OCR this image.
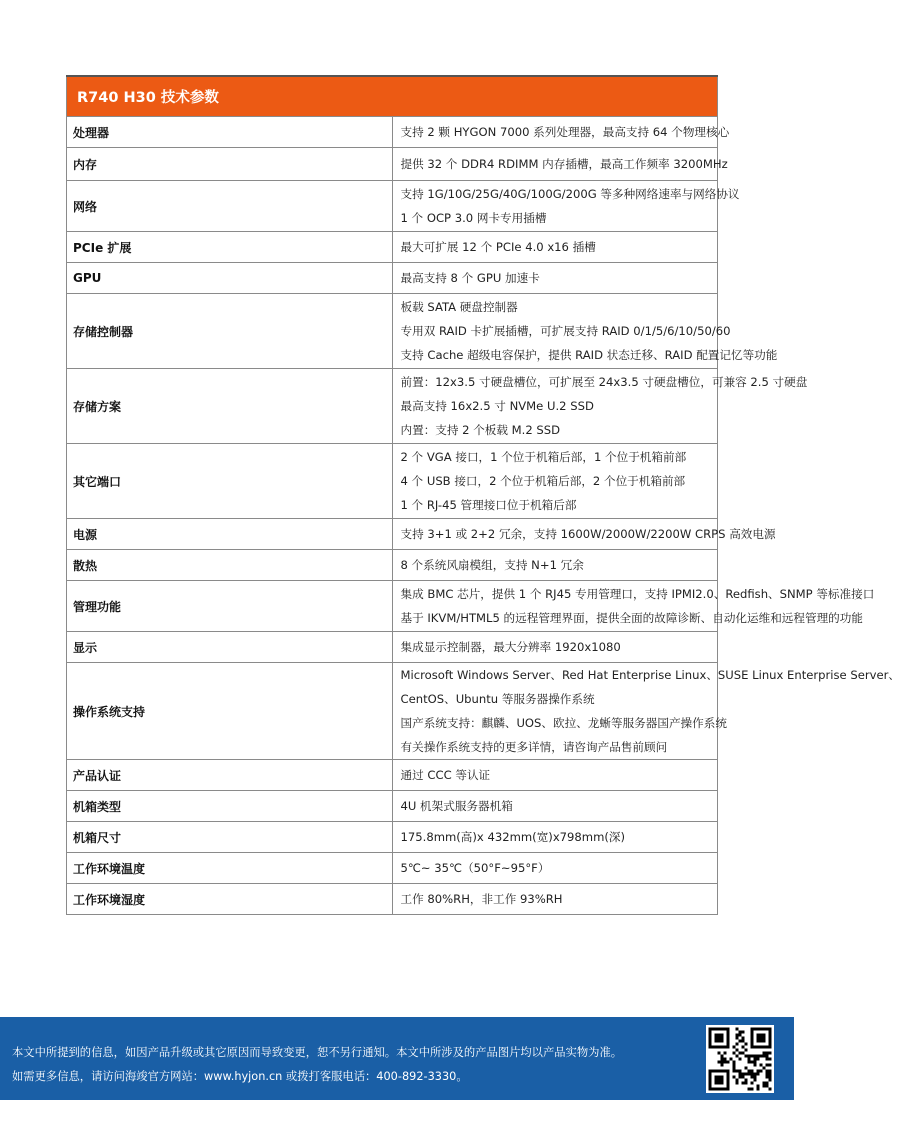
R740 H30 技术参数	
处理器	支持 2 颗 HYGON 7000 系列处理器，最高支持 64 个物理核心

内存	提供 32 个 DDR4 RDIMM 内存插槽，最高工作频率 3200MHz

网络	支持 1G/10G/25G/40G/100G/200G 等多种网络速率与网络协议
1 个 OCP 3.0 网卡专用插槽

PCIe 扩展	最大可扩展 12 个 PCIe 4.0 x16 插槽

GPU	最高支持 8 个 GPU 加速卡

存储控制器	板载 SATA 硬盘控制器
专用双 RAID 卡扩展插槽，可扩展支持 RAID 0/1/5/6/10/50/60
支持 Cache 超级电容保护，提供 RAID 状态迁移、RAID 配置记忆等功能

存储方案	前置：12x3.5 寸硬盘槽位，可扩展至 24x3.5 寸硬盘槽位，可兼容 2.5 寸硬盘
最高支持 16x2.5 寸 NVMe U.2 SSD
内置：支持 2 个板载 M.2 SSD

其它端口	2 个 VGA 接口，1 个位于机箱后部，1 个位于机箱前部
4 个 USB 接口，2 个位于机箱后部，2 个位于机箱前部
1 个 RJ-45 管理接口位于机箱后部

电源	支持 3+1 或 2+2 冗余，支持 1600W/2000W/2200W CRPS 高效电源

散热	8 个系统风扇模组，支持 N+1 冗余

管理功能	集成 BMC 芯片，提供 1 个 RJ45 专用管理口，支持 IPMI2.0、Redfish、SNMP 等标准接口
基于 IKVM/HTML5 的远程管理界面，提供全面的故障诊断、自动化运维和远程管理的功能

显示	集成显示控制器，最大分辨率 1920x1080

操作系统支持	Microsoft Windows Server、Red Hat Enterprise Linux、SUSE Linux Enterprise Server、
CentOS、Ubuntu 等服务器操作系统
国产系统支持：麒麟、UOS、欧拉、龙蜥等服务器国产操作系统
有关操作系统支持的更多详情，请咨询产品售前顾问

产品认证	通过 CCC 等认证

机箱类型	4U 机架式服务器机箱

机箱尺寸	175.8mm(高)x 432mm(宽)x798mm(深)

工作环境温度	5℃~ 35℃（50°F~95°F）

工作环境湿度	工作 80%RH，非工作 93%RH
本文中所提到的信息，如因产品升级或其它原因而导致变更，恕不另行通知。本文中所涉及的产品图片均以产品实物为准。
如需更多信息，请访问海竣官方网站：www.hyjon.cn 或拨打客服电话：400-892-3330。
